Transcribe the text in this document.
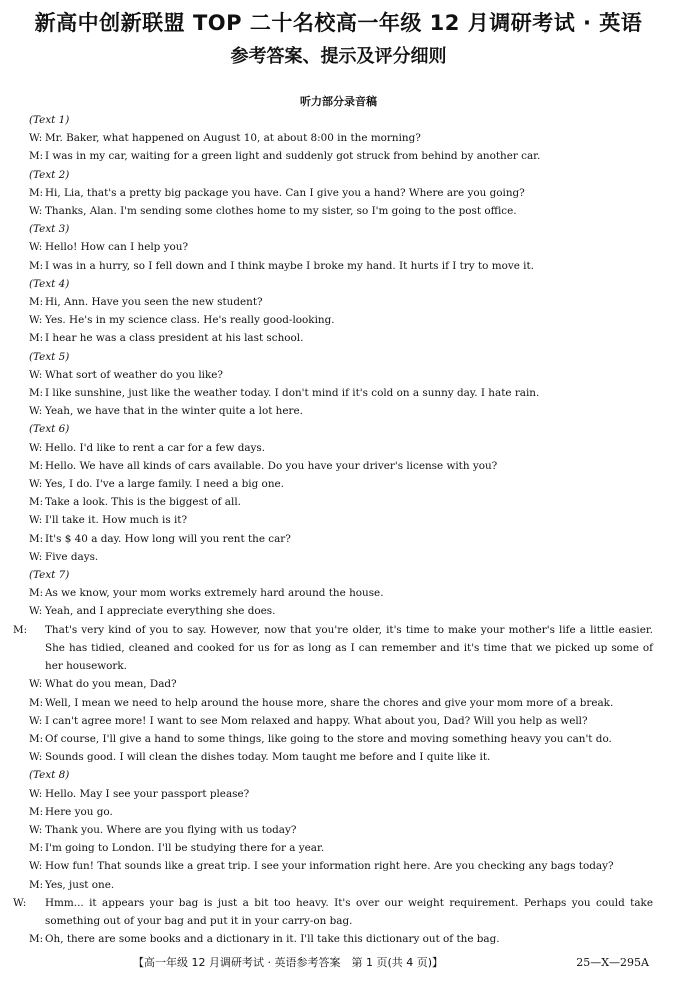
新高中创新联盟 TOP 二十名校高一年级 12 月调研考试 · 英语
参考答案、提示及评分细则
听力部分录音稿
(Text 1)
W: Mr. Baker, what happened on August 10, at about 8:00 in the morning?
M: I was in my car, waiting for a green light and suddenly got struck from behind by another car.
(Text 2)
M: Hi, Lia, that's a pretty big package you have. Can I give you a hand? Where are you going?
W: Thanks, Alan. I'm sending some clothes home to my sister, so I'm going to the post office.
(Text 3)
W: Hello! How can I help you?
M: I was in a hurry, so I fell down and I think maybe I broke my hand. It hurts if I try to move it.
(Text 4)
M: Hi, Ann. Have you seen the new student?
W: Yes. He's in my science class. He's really good-looking.
M: I hear he was a class president at his last school.
(Text 5)
W: What sort of weather do you like?
M: I like sunshine, just like the weather today. I don't mind if it's cold on a sunny day. I hate rain.
W: Yeah, we have that in the winter quite a lot here.
(Text 6)
W: Hello. I'd like to rent a car for a few days.
M: Hello. We have all kinds of cars available. Do you have your driver's license with you?
W: Yes, I do. I've a large family. I need a big one.
M: Take a look. This is the biggest of all.
W: I'll take it. How much is it?
M: It's $ 40 a day. How long will you rent the car?
W: Five days.
(Text 7)
M: As we know, your mom works extremely hard around the house.
W: Yeah, and I appreciate everything she does.
M: That's very kind of you to say. However, now that you're older, it's time to make your mother's life a little easier. She has tidied, cleaned and cooked for us for as long as I can remember and it's time that we picked up some of her housework.
W: What do you mean, Dad?
M: Well, I mean we need to help around the house more, share the chores and give your mom more of a break.
W: I can't agree more! I want to see Mom relaxed and happy. What about you, Dad? Will you help as well?
M: Of course, I'll give a hand to some things, like going to the store and moving something heavy you can't do.
W: Sounds good. I will clean the dishes today. Mom taught me before and I quite like it.
(Text 8)
W: Hello. May I see your passport please?
M: Here you go.
W: Thank you. Where are you flying with us today?
M: I'm going to London. I'll be studying there for a year.
W: How fun! That sounds like a great trip. I see your information right here. Are you checking any bags today?
M: Yes, just one.
W: Hmm... it appears your bag is just a bit too heavy. It's over our weight requirement. Perhaps you could take something out of your bag and put it in your carry-on bag.
M: Oh, there are some books and a dictionary in it. I'll take this dictionary out of the bag.
【高一年级 12 月调研考试 · 英语参考答案　第 1 页(共 4 页)】	25—X—295A
